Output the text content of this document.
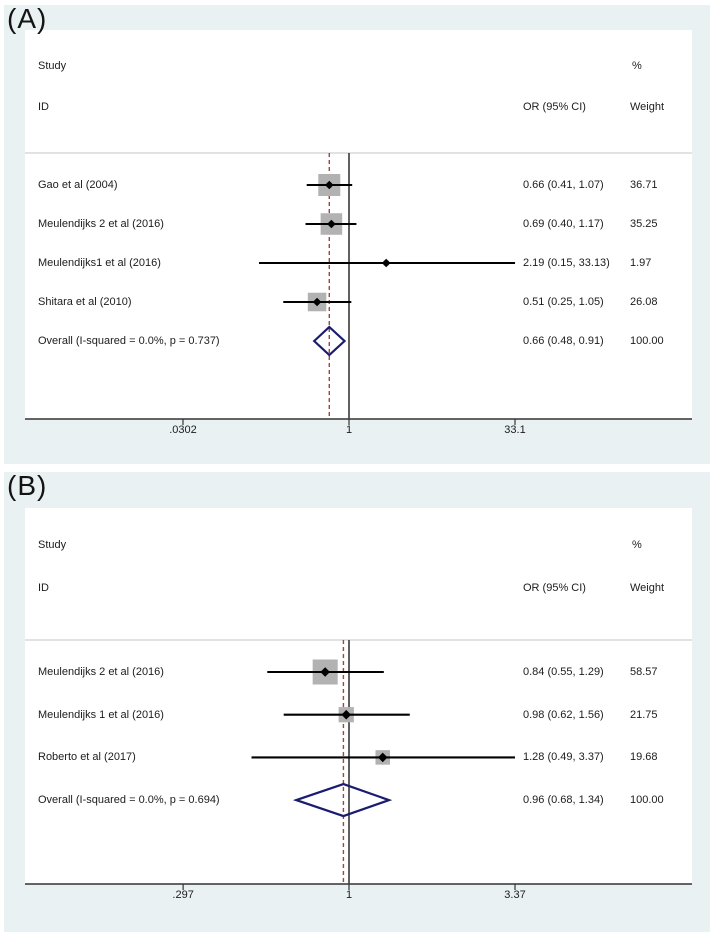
(A)
Study
ID	OR (95% CI)
%
Weight
.0302	1	33.1
Gao et al (2004)	0.66 (0.41, 1.07) 36.71
Meulendijks 2 et al (2016)	0.69 (0.40, 1.17) 35.25
Meulendijks1 et al (2016)	2.19 (0.15, 33.13) 1.97
Shitara et al (2010)	0.51 (0.25, 1.05) 26.08
Overall (I-squared = 0.0%, p = 0.737)	0.66 (0.48, 0.91) 100.00
(B)
Study
ID	OR (95% CI)
%
Weight
.297	1	3.37
Meulendijks 2 et al (2016)	0.84 (0.55, 1.29) 58.57
Meulendijks 1 et al (2016)	0.98 (0.62, 1.56) 21.75
Roberto et al (2017)	1.28 (0.49, 3.37) 19.68
Overall (I-squared = 0.0%, p = 0.694)	0.96 (0.68, 1.34) 100.00
